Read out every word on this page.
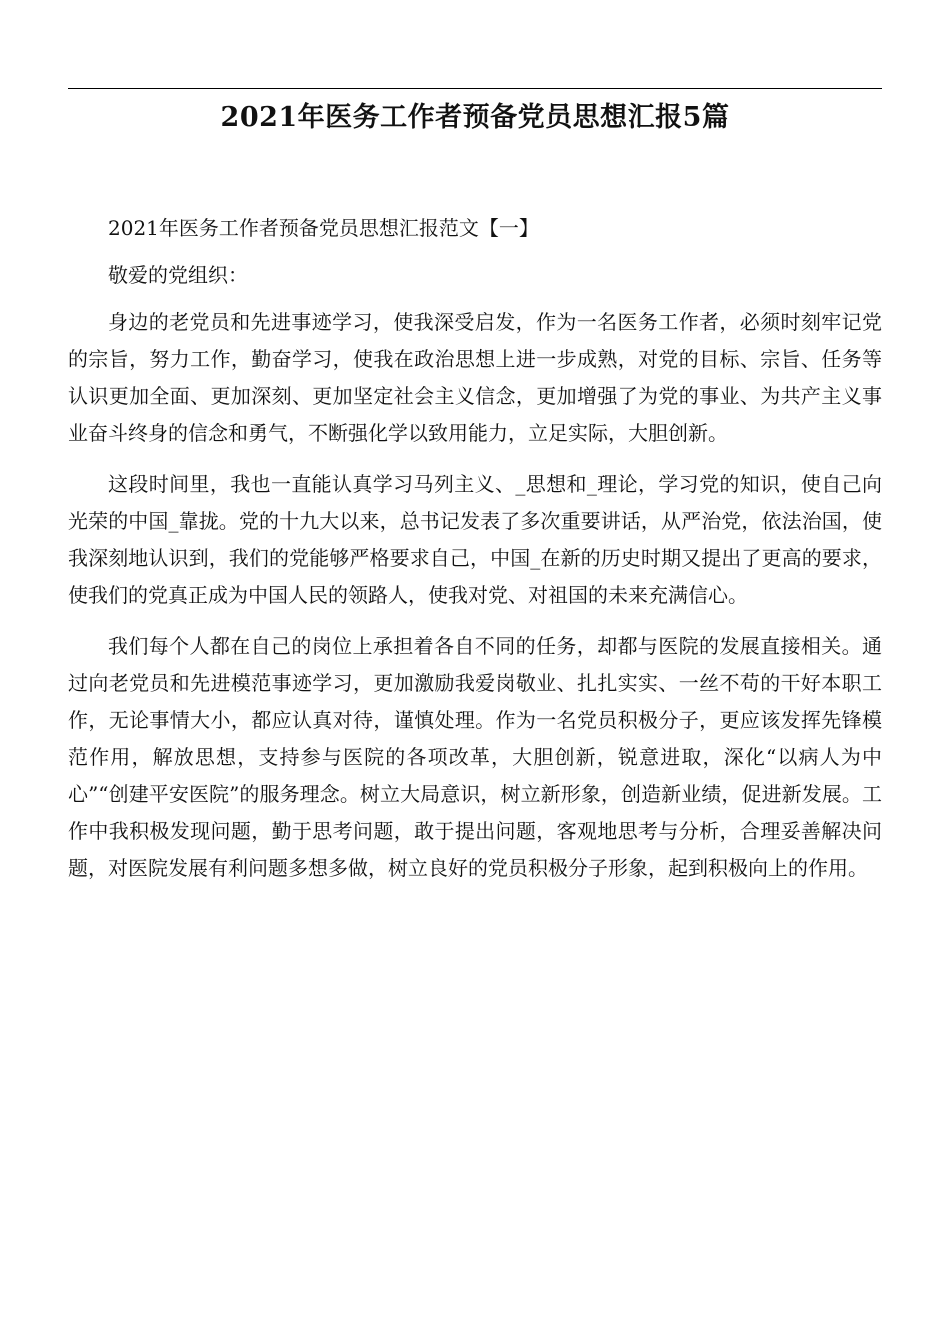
2021年医务工作者预备党员思想汇报5篇

2021年医务工作者预备党员思想汇报范文【一】

敬爱的党组织：

身边的老党员和先进事迹学习，使我深受启发，作为一名医务工作者，必须时刻牢记党的宗旨，努力工作，勤奋学习，使我在政治思想上进一步成熟，对党的目标、宗旨、任务等认识更加全面、更加深刻、更加坚定社会主义信念，更加增强了为党的事业、为共产主义事业奋斗终身的信念和勇气，不断强化学以致用能力，立足实际，大胆创新。

这段时间里，我也一直能认真学习马列主义、_思想和_理论，学习党的知识，使自己向光荣的中国_靠拢。党的十九大以来，总书记发表了多次重要讲话，从严治党，依法治国，使我深刻地认识到，我们的党能够严格要求自己，中国_在新的历史时期又提出了更高的要求，使我们的党真正成为中国人民的领路人，使我对党、对祖国的未来充满信心。

我们每个人都在自己的岗位上承担着各自不同的任务，却都与医院的发展直接相关。通过向老党员和先进模范事迹学习，更加激励我爱岗敬业、扎扎实实、一丝不苟的干好本职工作，无论事情大小，都应认真对待，谨慎处理。作为一名党员积极分子，更应该发挥先锋模范作用，解放思想，支持参与医院的各项改革，大胆创新，锐意进取，深化“以病人为中心”“创建平安医院”的服务理念。树立大局意识，树立新形象，创造新业绩，促进新发展。工作中我积极发现问题，勤于思考问题，敢于提出问题，客观地思考与分析，合理妥善解决问题，对医院发展有利问题多想多做，树立良好的党员积极分子形象，起到积极向上的作用。
